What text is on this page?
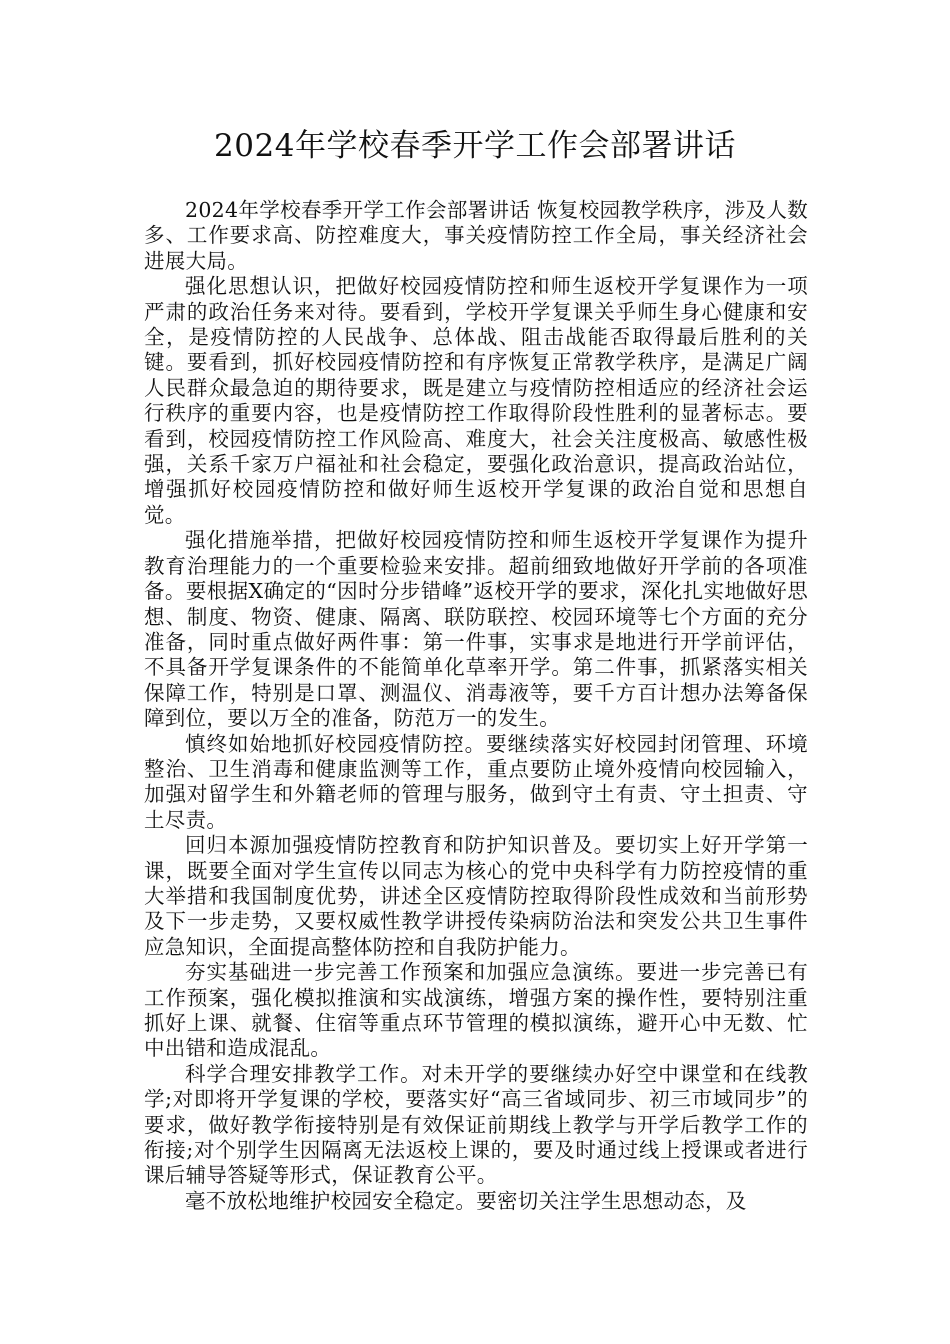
2024年学校春季开学工作会部署讲话

2024年学校春季开学工作会部署讲话 恢复校园教学秩序，涉及人数多、工作要求高、防控难度大，事关疫情防控工作全局，事关经济社会进展大局。

强化思想认识，把做好校园疫情防控和师生返校开学复课作为一项严肃的政治任务来对待。要看到，学校开学复课关乎师生身心健康和安全，是疫情防控的人民战争、总体战、阻击战能否取得最后胜利的关键。要看到，抓好校园疫情防控和有序恢复正常教学秩序，是满足广阔人民群众最急迫的期待要求，既是建立与疫情防控相适应的经济社会运行秩序的重要内容，也是疫情防控工作取得阶段性胜利的显著标志。要看到，校园疫情防控工作风险高、难度大，社会关注度极高、敏感性极强，关系千家万户福祉和社会稳定，要强化政治意识，提高政治站位，增强抓好校园疫情防控和做好师生返校开学复课的政治自觉和思想自觉。

强化措施举措，把做好校园疫情防控和师生返校开学复课作为提升教育治理能力的一个重要检验来安排。超前细致地做好开学前的各项准备。要根据X确定的“因时分步错峰”返校开学的要求，深化扎实地做好思想、制度、物资、健康、隔离、联防联控、校园环境等七个方面的充分准备，同时重点做好两件事：第一件事，实事求是地进行开学前评估，不具备开学复课条件的不能简单化草率开学。第二件事，抓紧落实相关保障工作，特别是口罩、测温仪、消毒液等，要千方百计想办法筹备保障到位，要以万全的准备，防范万一的发生。

慎终如始地抓好校园疫情防控。要继续落实好校园封闭管理、环境整治、卫生消毒和健康监测等工作，重点要防止境外疫情向校园输入，加强对留学生和外籍老师的管理与服务，做到守土有责、守土担责、守土尽责。

回归本源加强疫情防控教育和防护知识普及。要切实上好开学第一课，既要全面对学生宣传以同志为核心的党中央科学有力防控疫情的重大举措和我国制度优势，讲述全区疫情防控取得阶段性成效和当前形势及下一步走势，又要权威性教学讲授传染病防治法和突发公共卫生事件应急知识，全面提高整体防控和自我防护能力。

夯实基础进一步完善工作预案和加强应急演练。要进一步完善已有工作预案，强化模拟推演和实战演练，增强方案的操作性，要特别注重抓好上课、就餐、住宿等重点环节管理的模拟演练，避开心中无数、忙中出错和造成混乱。

科学合理安排教学工作。对未开学的要继续办好空中课堂和在线教学;对即将开学复课的学校，要落实好“高三省域同步、初三市域同步”的要求，做好教学衔接特别是有效保证前期线上教学与开学后教学工作的衔接;对个别学生因隔离无法返校上课的，要及时通过线上授课或者进行课后辅导答疑等形式，保证教育公平。

毫不放松地维护校园安全稳定。要密切关注学生思想动态，及
